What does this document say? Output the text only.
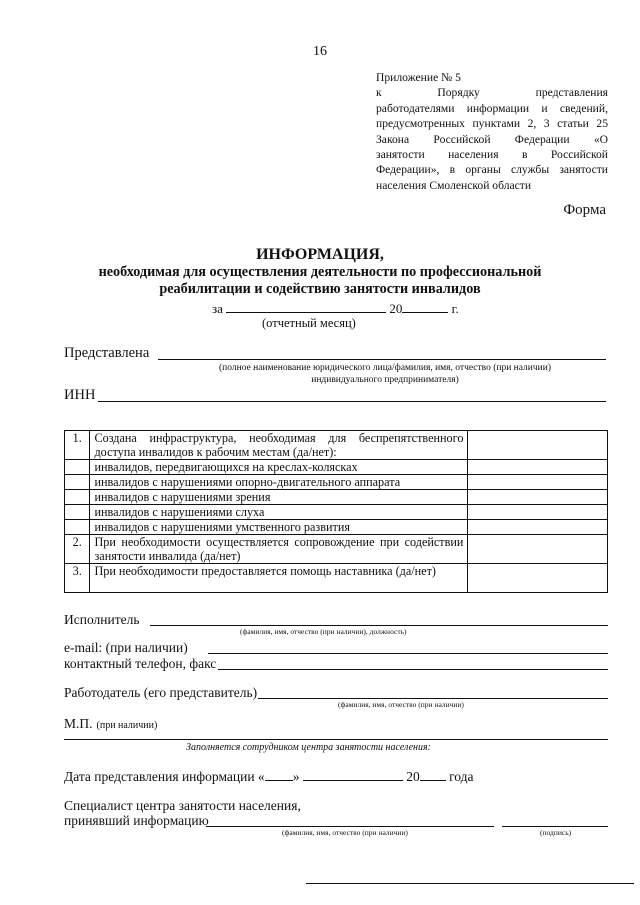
16
Приложение № 5
к Порядку представления
работодателями информации и сведений,
предусмотренных пунктами 2, 3 статьи 25
Закона Российской Федерации «О
занятости населения в Российской
Федерации», в органы службы занятости
населения Смоленской области
Форма
ИНФОРМАЦИЯ,
необходимая для осуществления деятельности по профессиональной
реабилитации и содействию занятости инвалидов
за	20	г.
(отчетный месяц)
Представлена
(полное наименование юридического лица/фамилия, имя, отчество (при наличии)
индивидуального предпринимателя)
ИНН
1.	Создана инфраструктура, необходимая для беспрепятственного доступа инвалидов к рабочим местам (да/нет):	
	инвалидов, передвигающихся на креслах-колясках	
	инвалидов с нарушениями опорно-двигательного аппарата	
	инвалидов с нарушениями зрения	
	инвалидов с нарушениями слуха	
	инвалидов с нарушениями умственного развития	
2.	При необходимости осуществляется сопровождение при содействии занятости инвалида (да/нет)	
3.	При необходимости предоставляется помощь наставника (да/нет)	
Исполнитель
(фамилия, имя, отчество (при наличии), должность)
e-mail: (при наличии)
контактный телефон, факс
Работодатель (его представитель)
(фамилия, имя, отчество (при наличии)
М.П. (при наличии)
Заполняется сотрудником центра занятости населения:
Дата представления информации « »	20 года
Специалист центра занятости населения,
принявший информацию
(фамилия, имя, отчество (при наличии)	(подпись)
